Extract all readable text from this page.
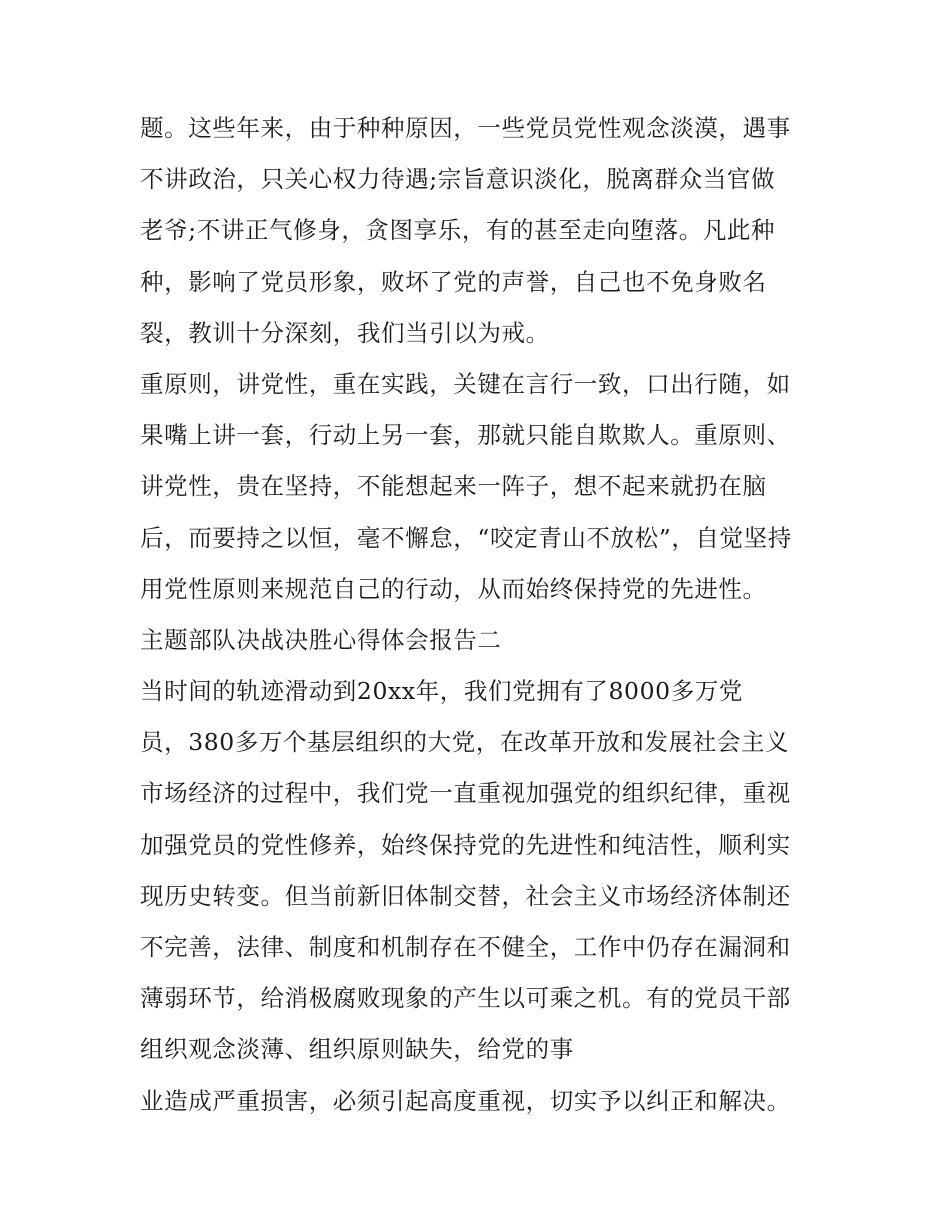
题。这些年来，由于种种原因，一些党员党性观念淡漠，遇事
不讲政治，只关心权力待遇;宗旨意识淡化，脱离群众当官做
老爷;不讲正气修身，贪图享乐，有的甚至走向堕落。凡此种
种，影响了党员形象，败坏了党的声誉，自己也不免身败名
裂，教训十分深刻，我们当引以为戒。
重原则，讲党性，重在实践，关键在言行一致，口出行随，如
果嘴上讲一套，行动上另一套，那就只能自欺欺人。重原则、
讲党性，贵在坚持，不能想起来一阵子，想不起来就扔在脑
后，而要持之以恒，毫不懈怠，“咬定青山不放松”，自觉坚持
用党性原则来规范自己的行动，从而始终保持党的先进性。
主题部队决战决胜心得体会报告二
当时间的轨迹滑动到20xx年，我们党拥有了8000多万党
员，380多万个基层组织的大党，在改革开放和发展社会主义
市场经济的过程中，我们党一直重视加强党的组织纪律，重视
加强党员的党性修养，始终保持党的先进性和纯洁性，顺利实
现历史转变。但当前新旧体制交替，社会主义市场经济体制还
不完善，法律、制度和机制存在不健全，工作中仍存在漏洞和
薄弱环节，给消极腐败现象的产生以可乘之机。有的党员干部
组织观念淡薄、组织原则缺失，给党的事
业造成严重损害，必须引起高度重视，切实予以纠正和解决。
